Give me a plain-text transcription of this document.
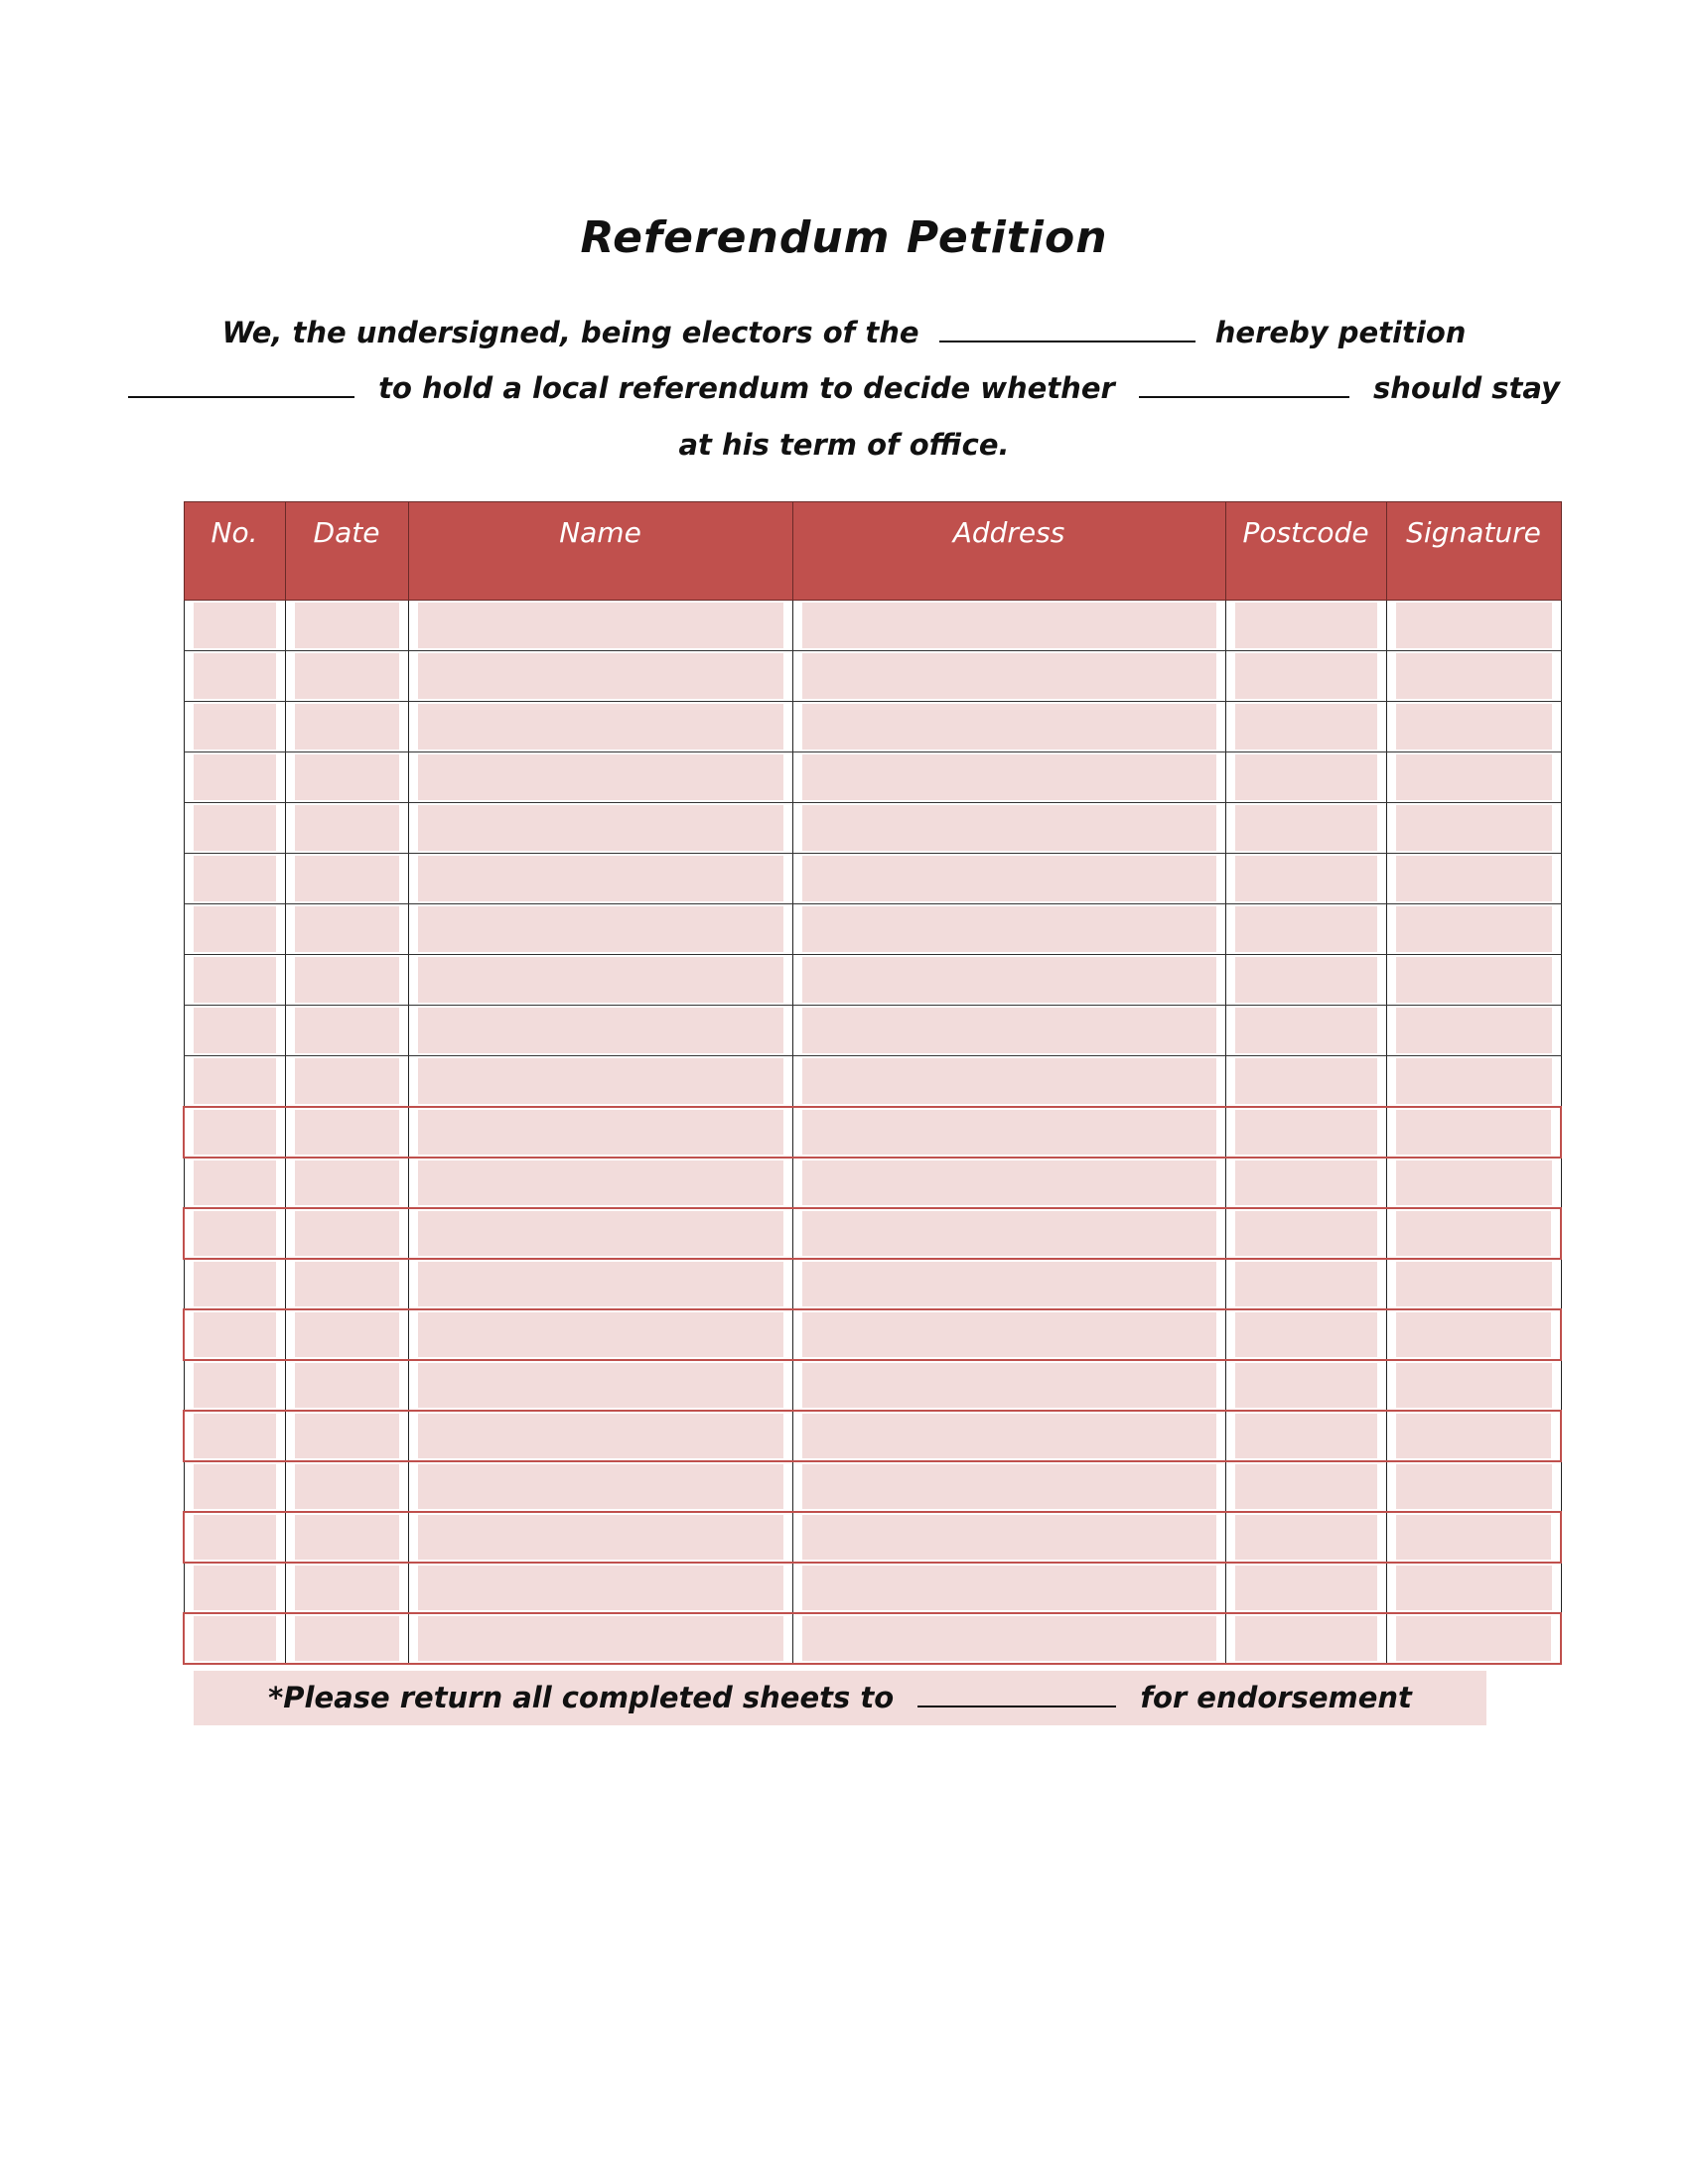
Referendum Petition
We, the undersigned, being electors of the	hereby petition
to hold a local referendum to decide whether	should stay
at his term of office.
No.	Date	Name	Address	Postcode	Signature

*Please return all completed sheets to	for endorsement
